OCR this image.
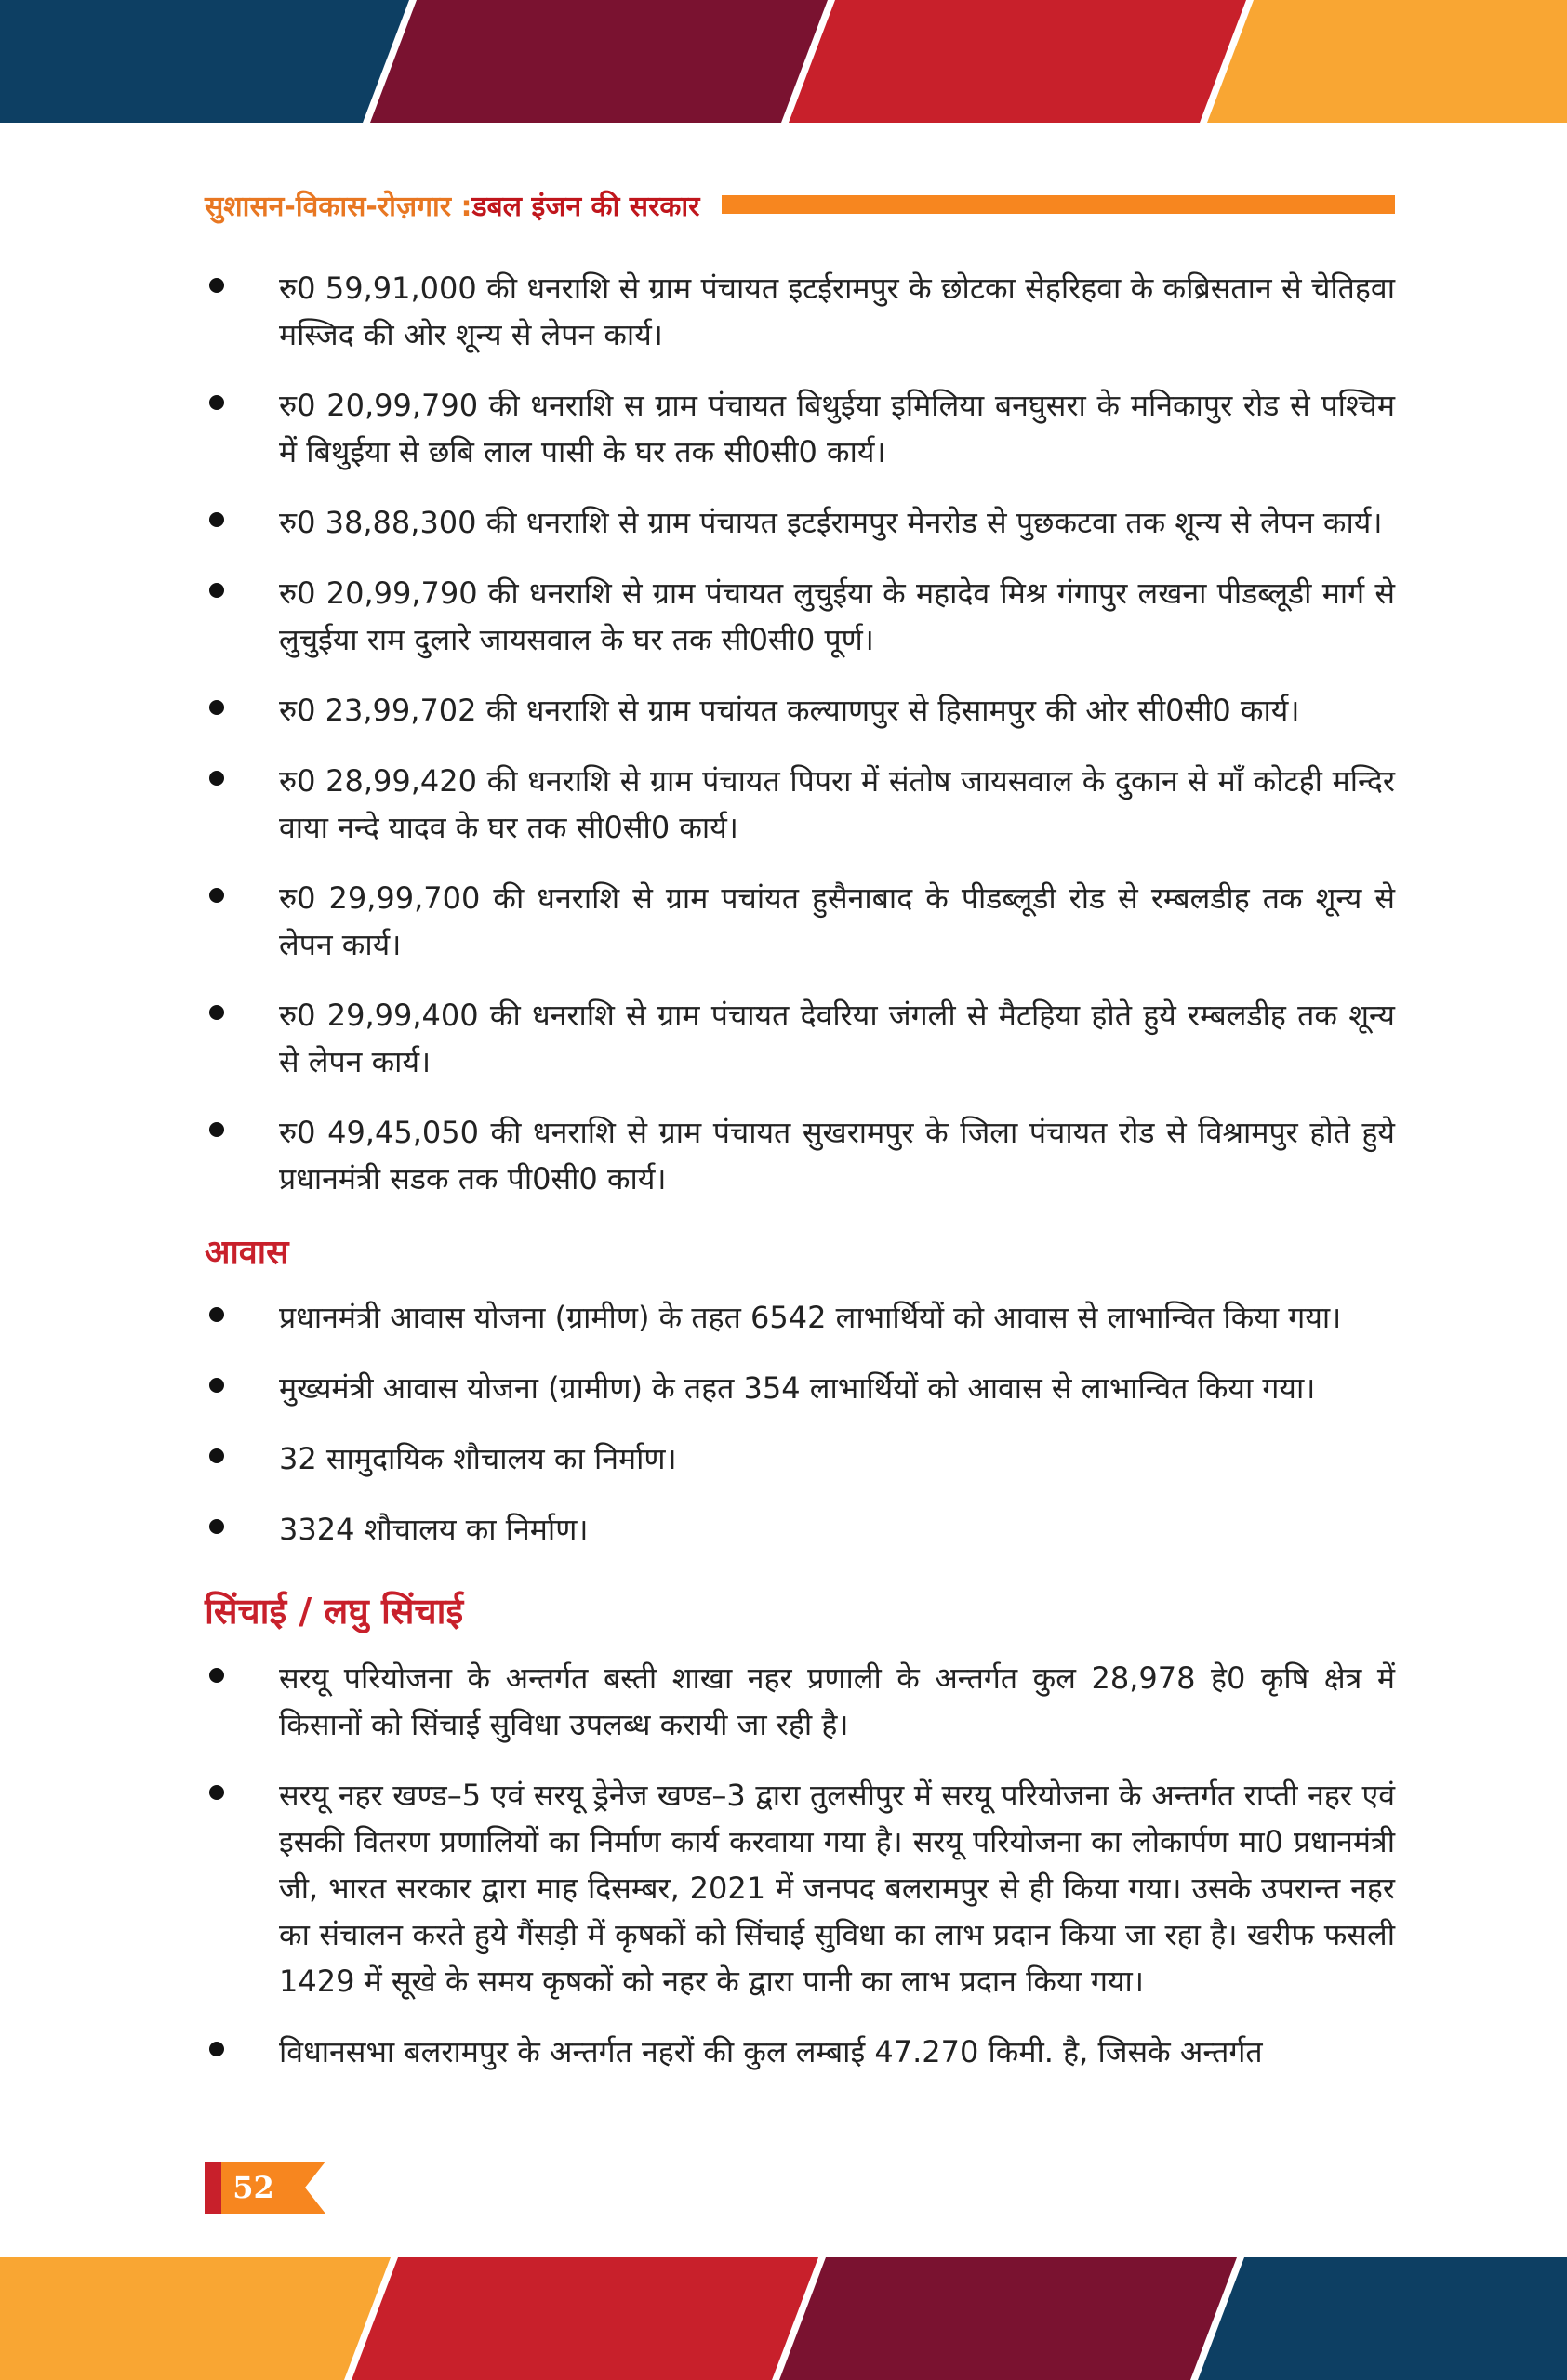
सुशासन-विकास-रोज़गार : डबल इंजन की सरकार
रु0 59,91,000 की धनराशि से ग्राम पंचायत इटईरामपुर के छोटका सेहरिहवा के कब्रिसतान से चेतिहवा मस्जिद की ओर शून्य से लेपन कार्य।
रु0 20,99,790 की धनराशि स ग्राम पंचायत बिथुईया इमिलिया बनघुसरा के मनिकापुर रोड से पश्चिम में बिथुईया से छबि लाल पासी के घर तक सी0सी0 कार्य।
रु0 38,88,300 की धनराशि से ग्राम पंचायत इटईरामपुर मेनरोड से पुछकटवा तक शून्य से लेपन कार्य।
रु0 20,99,790 की धनराशि से ग्राम पंचायत लुचुईया के महादेव मिश्र गंगापुर लखना पीडब्लूडी मार्ग से लुचुईया राम दुलारे जायसवाल के घर तक सी0सी0 पूर्ण।
रु0 23,99,702 की धनराशि से ग्राम पचांयत कल्याणपुर से हिसामपुर की ओर सी0सी0 कार्य।
रु0 28,99,420 की धनराशि से ग्राम पंचायत पिपरा में संतोष जायसवाल के दुकान से माँ कोटही मन्दिर वाया नन्दे यादव के घर तक सी0सी0 कार्य।
रु0 29,99,700 की धनराशि से ग्राम पचांयत हुसैनाबाद के पीडब्लूडी रोड से रम्बलडीह तक शून्य से लेपन कार्य।
रु0 29,99,400 की धनराशि से ग्राम पंचायत देवरिया जंगली से मैटहिया होते हुये रम्बलडीह तक शून्य से लेपन कार्य।
रु0 49,45,050 की धनराशि से ग्राम पंचायत सुखरामपुर के जिला पंचायत रोड से विश्रामपुर होते हुये प्रधानमंत्री सडक तक पी0सी0 कार्य।
आवास
प्रधानमंत्री आवास योजना (ग्रामीण) के तहत 6542 लाभार्थियों को आवास से लाभान्वित किया गया।
मुख्यमंत्री आवास योजना (ग्रामीण) के तहत 354 लाभार्थियों को आवास से लाभान्वित किया गया।
32 सामुदायिक शौचालय का निर्माण।
3324 शौचालय का निर्माण।
सिंचाई / लघु सिंचाई
सरयू परियोजना के अन्तर्गत बस्ती शाखा नहर प्रणाली के अन्तर्गत कुल 28,978 हे0 कृषि क्षेत्र में किसानों को सिंचाई सुविधा उपलब्ध करायी जा रही है।
सरयू नहर खण्ड–5 एवं सरयू ड्रेनेज खण्ड–3 द्वारा तुलसीपुर में सरयू परियोजना के अन्तर्गत राप्ती नहर एवं इसकी वितरण प्रणालियों का निर्माण कार्य करवाया गया है। सरयू परियोजना का लोकार्पण मा0 प्रधानमंत्री जी, भारत सरकार द्वारा माह दिसम्बर, 2021 में जनपद बलरामपुर से ही किया गया। उसके उपरान्त नहर का संचालन करते हुये गैंसड़ी में कृषकों को सिंचाई सुविधा का लाभ प्रदान किया जा रहा है। खरीफ फसली 1429 में सूखे के समय कृषकों को नहर के द्वारा पानी का लाभ प्रदान किया गया।
विधानसभा बलरामपुर के अन्तर्गत नहरों की कुल लम्बाई 47.270 किमी. है, जिसके अन्तर्गत
52
